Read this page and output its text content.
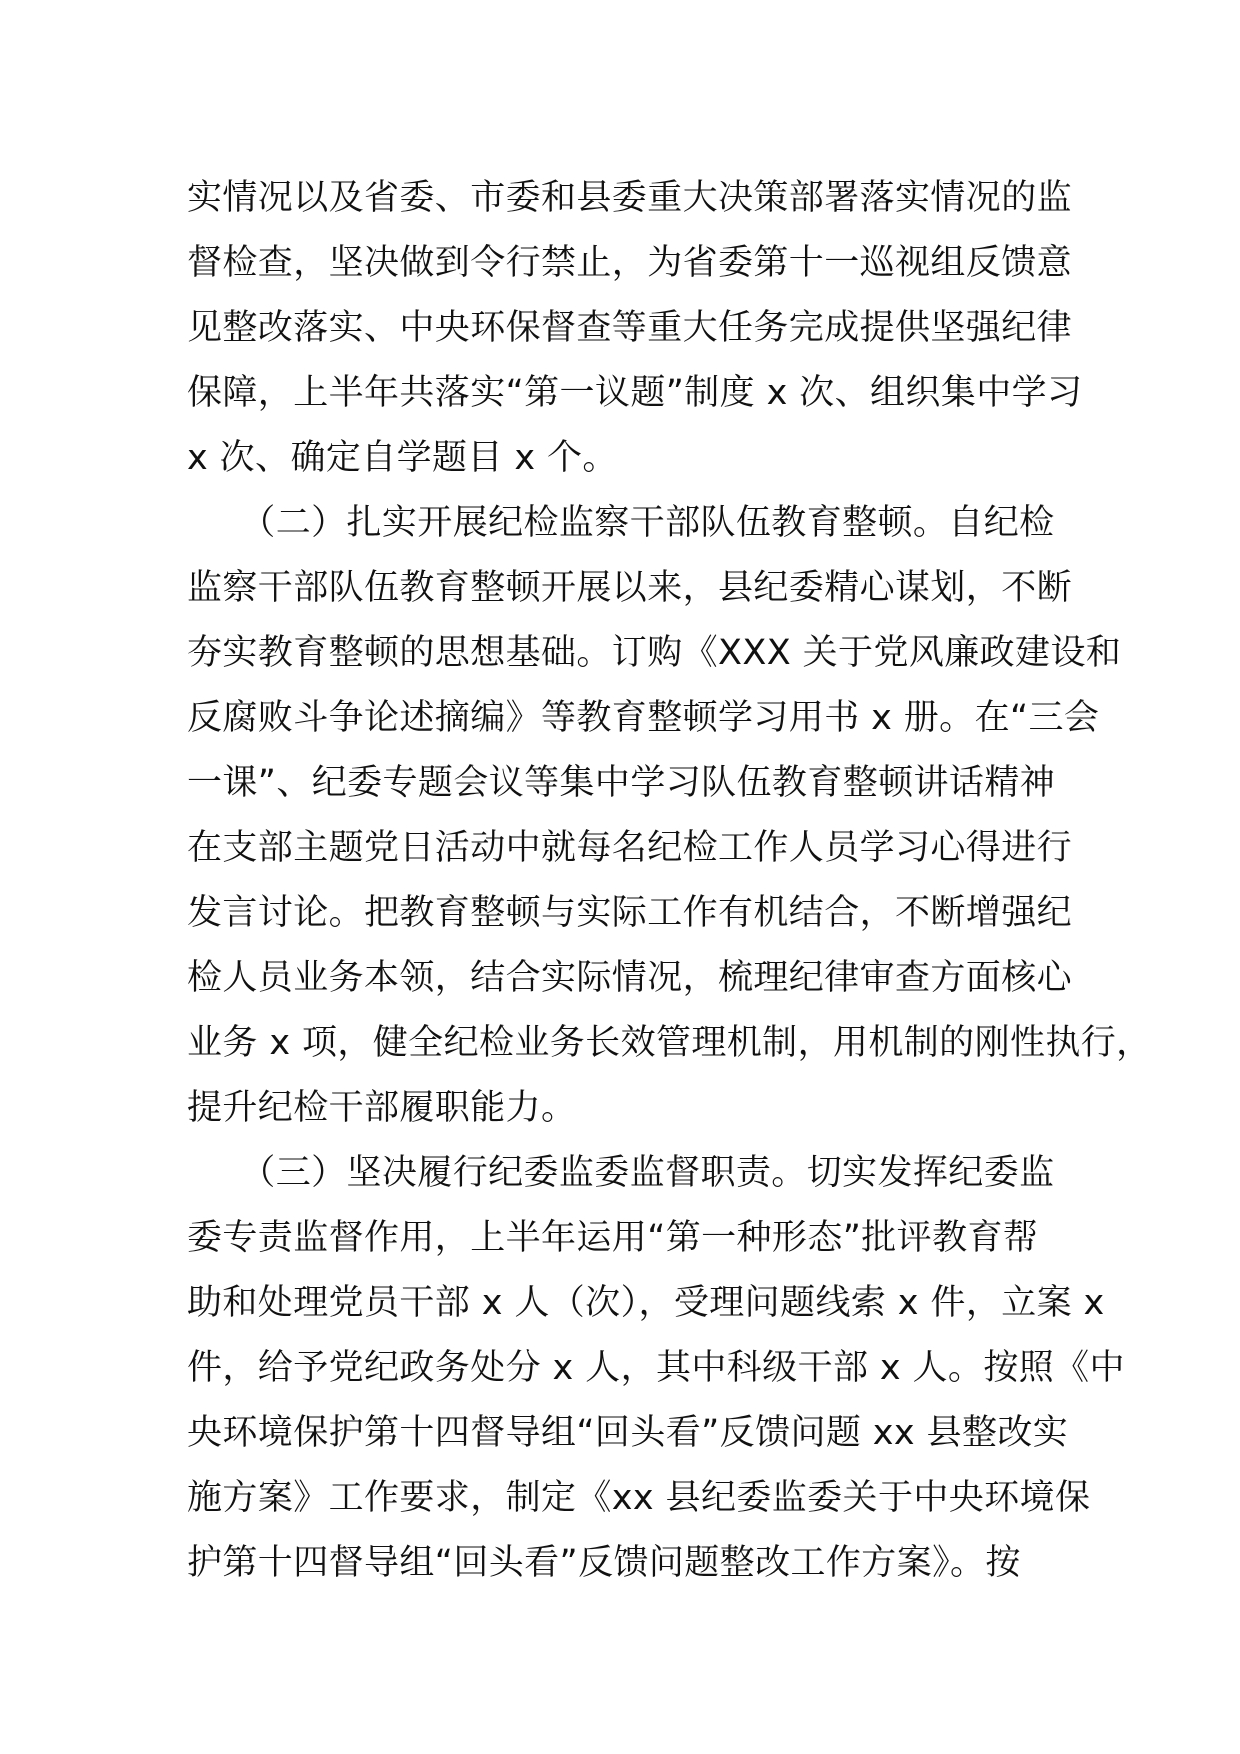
实情况以及省委、市委和县委重大决策部署落实情况的监
督检查，坚决做到令行禁止，为省委第十一巡视组反馈意
见整改落实、中央环保督查等重大任务完成提供坚强纪律
保障，上半年共落实“第一议题”制度 x 次、组织集中学习
x 次、确定自学题目 x 个。
　　（二）扎实开展纪检监察干部队伍教育整顿。自纪检
监察干部队伍教育整顿开展以来，县纪委精心谋划，不断
夯实教育整顿的思想基础。订购《XXX 关于党风廉政建设和
反腐败斗争论述摘编》等教育整顿学习用书 x 册。在“三会
一课”、纪委专题会议等集中学习队伍教育整顿讲话精神
在支部主题党日活动中就每名纪检工作人员学习心得进行
发言讨论。把教育整顿与实际工作有机结合，不断增强纪
检人员业务本领，结合实际情况，梳理纪律审查方面核心
业务 x 项，健全纪检业务长效管理机制，用机制的刚性执行，
提升纪检干部履职能力。
　　（三）坚决履行纪委监委监督职责。切实发挥纪委监
委专责监督作用，上半年运用“第一种形态”批评教育帮
助和处理党员干部 x 人（次），受理问题线索 x 件，立案 x
件，给予党纪政务处分 x 人，其中科级干部 x 人。按照《中
央环境保护第十四督导组“回头看”反馈问题 xx 县整改实
施方案》工作要求，制定《xx 县纪委监委关于中央环境保
护第十四督导组“回头看”反馈问题整改工作方案》。按
